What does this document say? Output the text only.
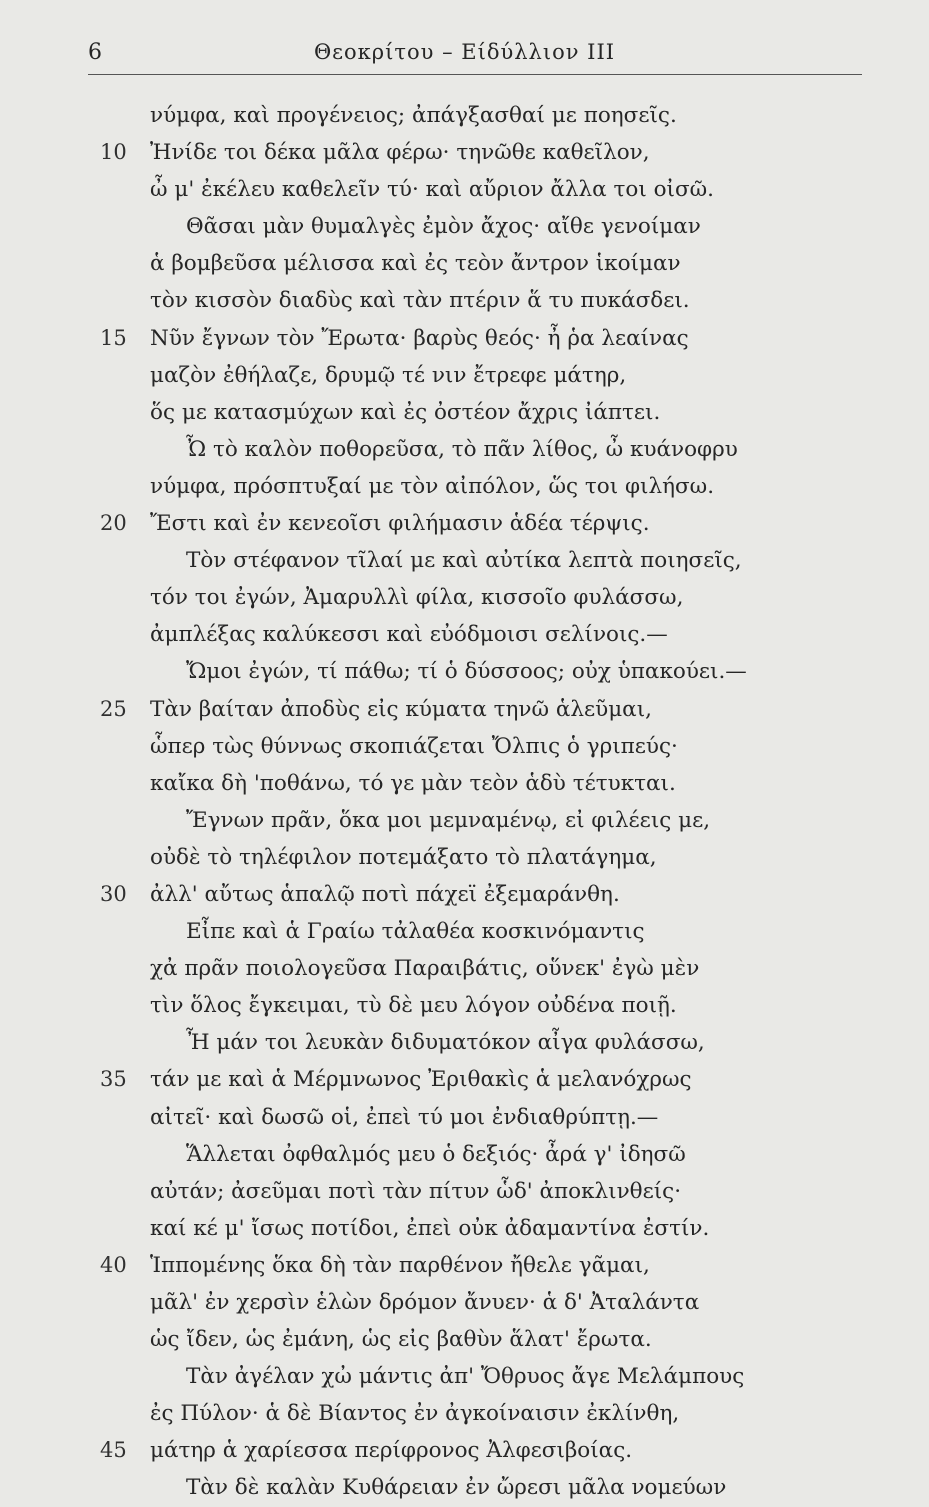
6	Θεοκρίτου – Είδύλλιον III
νύμφα, καὶ προγένειος; ἀπάγξασθαί με ποησεῖς.
10	Ἠνίδε τοι δέκα μᾶλα φέρω· τηνῶθε καθεῖλον,
ὦ μ' ἐκέλευ καθελεῖν τύ· καὶ αὔριον ἄλλα τοι οἰσῶ.
Θᾶσαι μὰν θυμαλγὲς ἐμὸν ἄχος· αἴθε γενοίμαν
ἁ βομβεῦσα μέλισσα καὶ ἐς τεὸν ἄντρον ἱκοίμαν
τὸν κισσὸν διαδὺς καὶ τὰν πτέριν ἅ τυ πυκάσδει.
15	Νῦν ἔγνων τὸν Ἔρωτα· βαρὺς θεός· ἦ ῥα λεαίνας
μαζὸν ἐθήλαζε, δρυμῷ τέ νιν ἔτρεφε μάτηρ,
ὅς με κατασμύχων καὶ ἐς ὀστέον ἄχρις ἰάπτει.
Ὦ τὸ καλὸν ποθορεῦσα, τὸ πᾶν λίθος, ὦ κυάνοφρυ
νύμφα, πρόσπτυξαί με τὸν αἰπόλον, ὥς τοι φιλήσω.
20	Ἔστι καὶ ἐν κενεοῖσι φιλήμασιν ἁδέα τέρψις.
Τὸν στέφανον τῖλαί με καὶ αὐτίκα λεπτὰ ποιησεῖς,
τόν τοι ἐγών, Ἀμαρυλλὶ φίλα, κισσοῖο φυλάσσω,
ἀμπλέξας καλύκεσσι καὶ εὐόδμοισι σελίνοις.—
Ὤμοι ἐγών, τί πάθω; τί ὁ δύσσοος; οὐχ ὑπακούει.—
25	Τὰν βαίταν ἀποδὺς εἰς κύματα τηνῶ ἁλεῦμαι,
ὧπερ τὼς θύννως σκοπιάζεται Ὄλπις ὁ γριπεύς·
καἴκα δὴ 'ποθάνω, τό γε μὰν τεὸν ἁδὺ τέτυκται.
Ἔγνων πρᾶν, ὅκα μοι μεμναμένῳ, εἰ φιλέεις με,
οὐδὲ τὸ τηλέφιλον ποτεμάξατο τὸ πλατάγημα,
30	ἀλλ' αὔτως ἁπαλῷ ποτὶ πάχεϊ ἐξεμαράνθη.
Εἶπε καὶ ἁ Γραίω τἀλαθέα κοσκινόμαντις
χἀ πρᾶν ποιολογεῦσα Παραιβάτις, οὕνεκ' ἐγὼ μὲν
τὶν ὅλος ἔγκειμαι, τὺ δὲ μευ λόγον οὐδένα ποιῇ.
Ἦ μάν τοι λευκὰν διδυματόκον αἶγα φυλάσσω,
35	τάν με καὶ ἁ Μέρμνωνος Ἐριθακὶς ἁ μελανόχρως
αἰτεῖ· καὶ δωσῶ οἱ, ἐπεὶ τύ μοι ἐνδιαθρύπτῃ.—
Ἅλλεται ὀφθαλμός μευ ὁ δεξιός· ἆρά γ' ἰδησῶ
αὐτάν; ἀσεῦμαι ποτὶ τὰν πίτυν ὧδ' ἀποκλινθείς·
καί κέ μ' ἴσως ποτίδοι, ἐπεὶ οὐκ ἀδαμαντίνα ἐστίν.
40	Ἱππομένης ὅκα δὴ τὰν παρθένον ἤθελε γᾶμαι,
μᾶλ' ἐν χερσὶν ἑλὼν δρόμον ἄνυεν· ἁ δ' Ἀταλάντα
ὡς ἴδεν, ὡς ἐμάνη, ὡς εἰς βαθὺν ἅλατ' ἔρωτα.
Τὰν ἀγέλαν χὠ μάντις ἀπ' Ὄθρυος ἄγε Μελάμπους
ἐς Πύλον· ἁ δὲ Βίαντος ἐν ἀγκοίναισιν ἐκλίνθη,
45	μάτηρ ἁ χαρίεσσα περίφρονος Ἀλφεσιβοίας.
Τὰν δὲ καλὰν Κυθάρειαν ἐν ὤρεσι μᾶλα νομεύων
